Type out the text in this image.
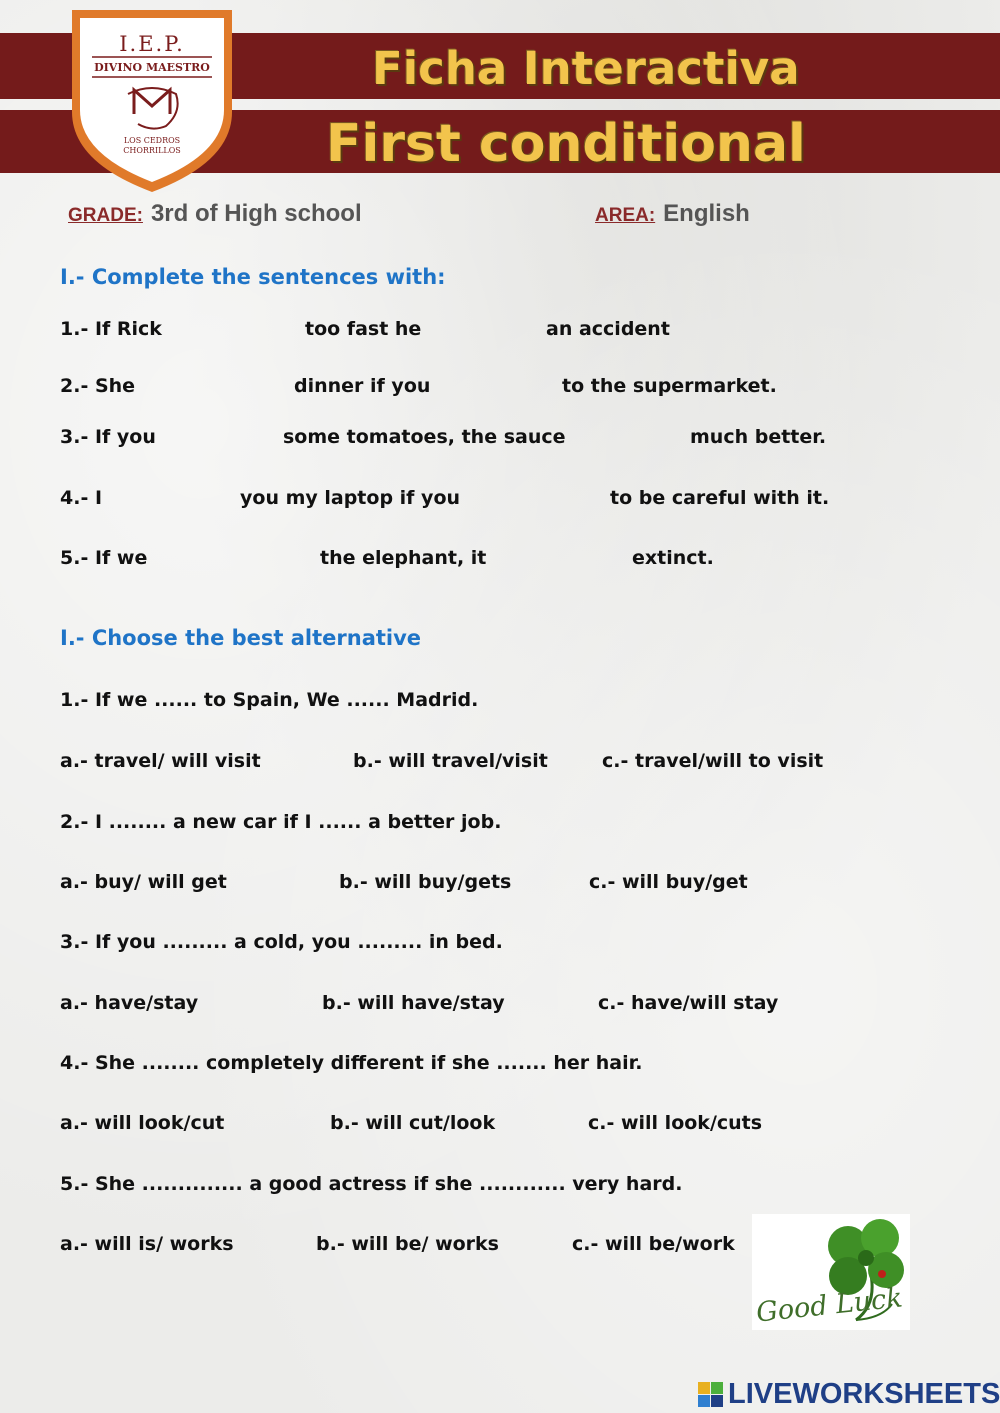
Ficha Interactiva
First conditional
I.E.P.
DIVINO MAESTRO
LOS CEDROS
CHORRILLOS
GRADE: 3rd of High school	AREA: English
I.- Complete the sentences with:
1.- If Rick	too fast he	an accident
2.- She	dinner if you	to the supermarket.
3.- If you	some tomatoes, the sauce	much better.
4.- I	you my laptop if you	to be careful with it.
5.- If we	the elephant, it	extinct.
I.- Choose the best alternative
1.- If we ...... to Spain, We ...... Madrid.
a.- travel/ will visit	b.- will travel/visit	c.- travel/will to visit
2.- I ........ a new car if I ...... a better job.
a.- buy/ will get	b.- will buy/gets	c.- will buy/get
3.- If you ......... a cold, you ......... in bed.
a.- have/stay	b.- will have/stay	c.- have/will stay
4.- She ........ completely different if she ....... her hair.
a.- will look/cut	b.- will cut/look	c.- will look/cuts
5.- She .............. a good actress if she ............ very hard.
a.- will is/ works	b.- will be/ works	c.- will be/work
Good Luck
LIVEWORKSHEETS
